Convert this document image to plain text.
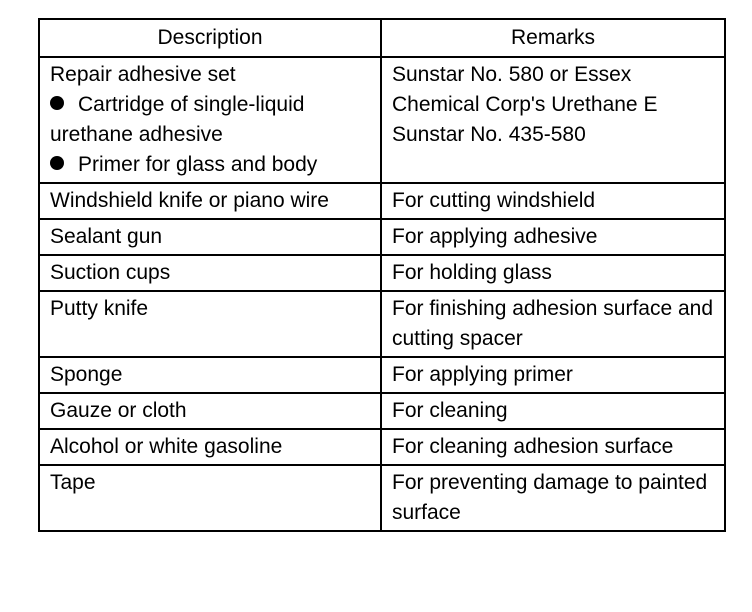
Description	Remarks

Repair adhesive set
Cartridge of single-liquid
urethane adhesive
Primer for glass and body	Sunstar No. 580 or Essex
Chemical Corp's Urethane E
Sunstar No. 435-580

Windshield knife or piano wire	For cutting windshield
Sealant gun	For applying adhesive
Suction cups	For holding glass
Putty knife	For finishing adhesion surface and cutting spacer
Sponge	For applying primer
Gauze or cloth	For cleaning
Alcohol or white gasoline	For cleaning adhesion surface
Tape	For preventing damage to painted surface
